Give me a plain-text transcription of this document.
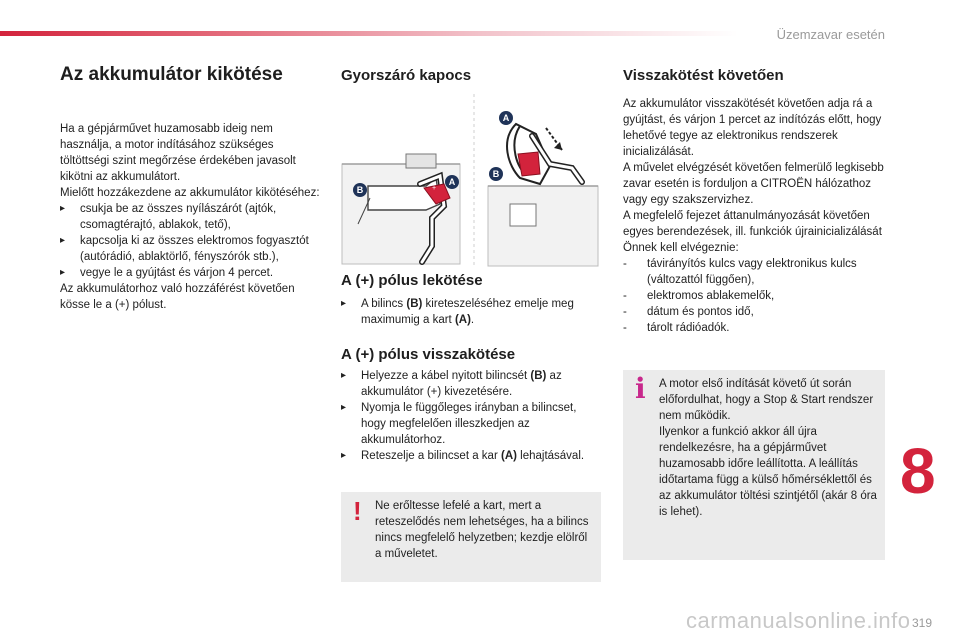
Üzemzavar esetén
Az akkumulátor kikötése

Ha a gépjárművet huzamosabb ideig nem használja, a motor indításához szükséges töltöttségi szint megőrzése érdekében javasolt kikötni az akkumulátort.

Mielőtt hozzákezdene az akkumulátor kikötéséhez:

▸ csukja be az összes nyílászárót (ajtók, csomagtérajtó, ablakok, tető),
▸ kapcsolja ki az összes elektromos fogyasztót (autórádió, ablaktörlő, fényszórók stb.),
▸ vegye le a gyújtást és várjon 4 percet.

Az akkumulátorhoz való hozzáférést követően kösse le a (+) pólust.

Gyorszáró kapocs
+
A
B
A
B
A (+) pólus lekötése
▸ A bilincs (B) kireteszeléséhez emelje meg maximumig a kart (A).
A (+) pólus visszakötése
▸ Helyezze a kábel nyitott bilincsét (B) az akkumulátor (+) kivezetésére.
▸ Nyomja le függőleges irányban a bilincset, hogy megfelelően illeszkedjen az akkumulátorhoz.
▸ Reteszelje a bilincset a kar (A) lehajtásával.
! Ne erőltesse lefelé a kart, mert a reteszelődés nem lehetséges, ha a bilincs nincs megfelelő helyzetben; kezdje elölről a műveletet.
Visszakötést követően

Az akkumulátor visszakötését követően adja rá a gyújtást, és várjon 1 percet az indítózás előtt, hogy lehetővé tegye az elektronikus rendszerek inicializálását.

A művelet elvégzését követően felmerülő legkisebb zavar esetén is forduljon a CITROËN hálózathoz vagy egy szakszervizhez.

A megfelelő fejezet áttanulmányozását követően egyes berendezések, ill. funkciók újrainicializálását Önnek kell elvégeznie:

- távirányítós kulcs vagy elektronikus kulcs (változattól függően),
- elektromos ablakemelők,
- dátum és pontos idő,
- tárolt rádióadók.
i A motor első indítását követő út során előfordulhat, hogy a Stop & Start rendszer nem működik.
Ilyenkor a funkció akkor áll újra rendelkezésre, ha a gépjárművet huzamosabb időre leállította. A leállítás időtartama függ a külső hőmérséklettől és az akkumulátor töltési szintjétől (akár 8 óra is lehet).
8
carmanualsonline.info 319
